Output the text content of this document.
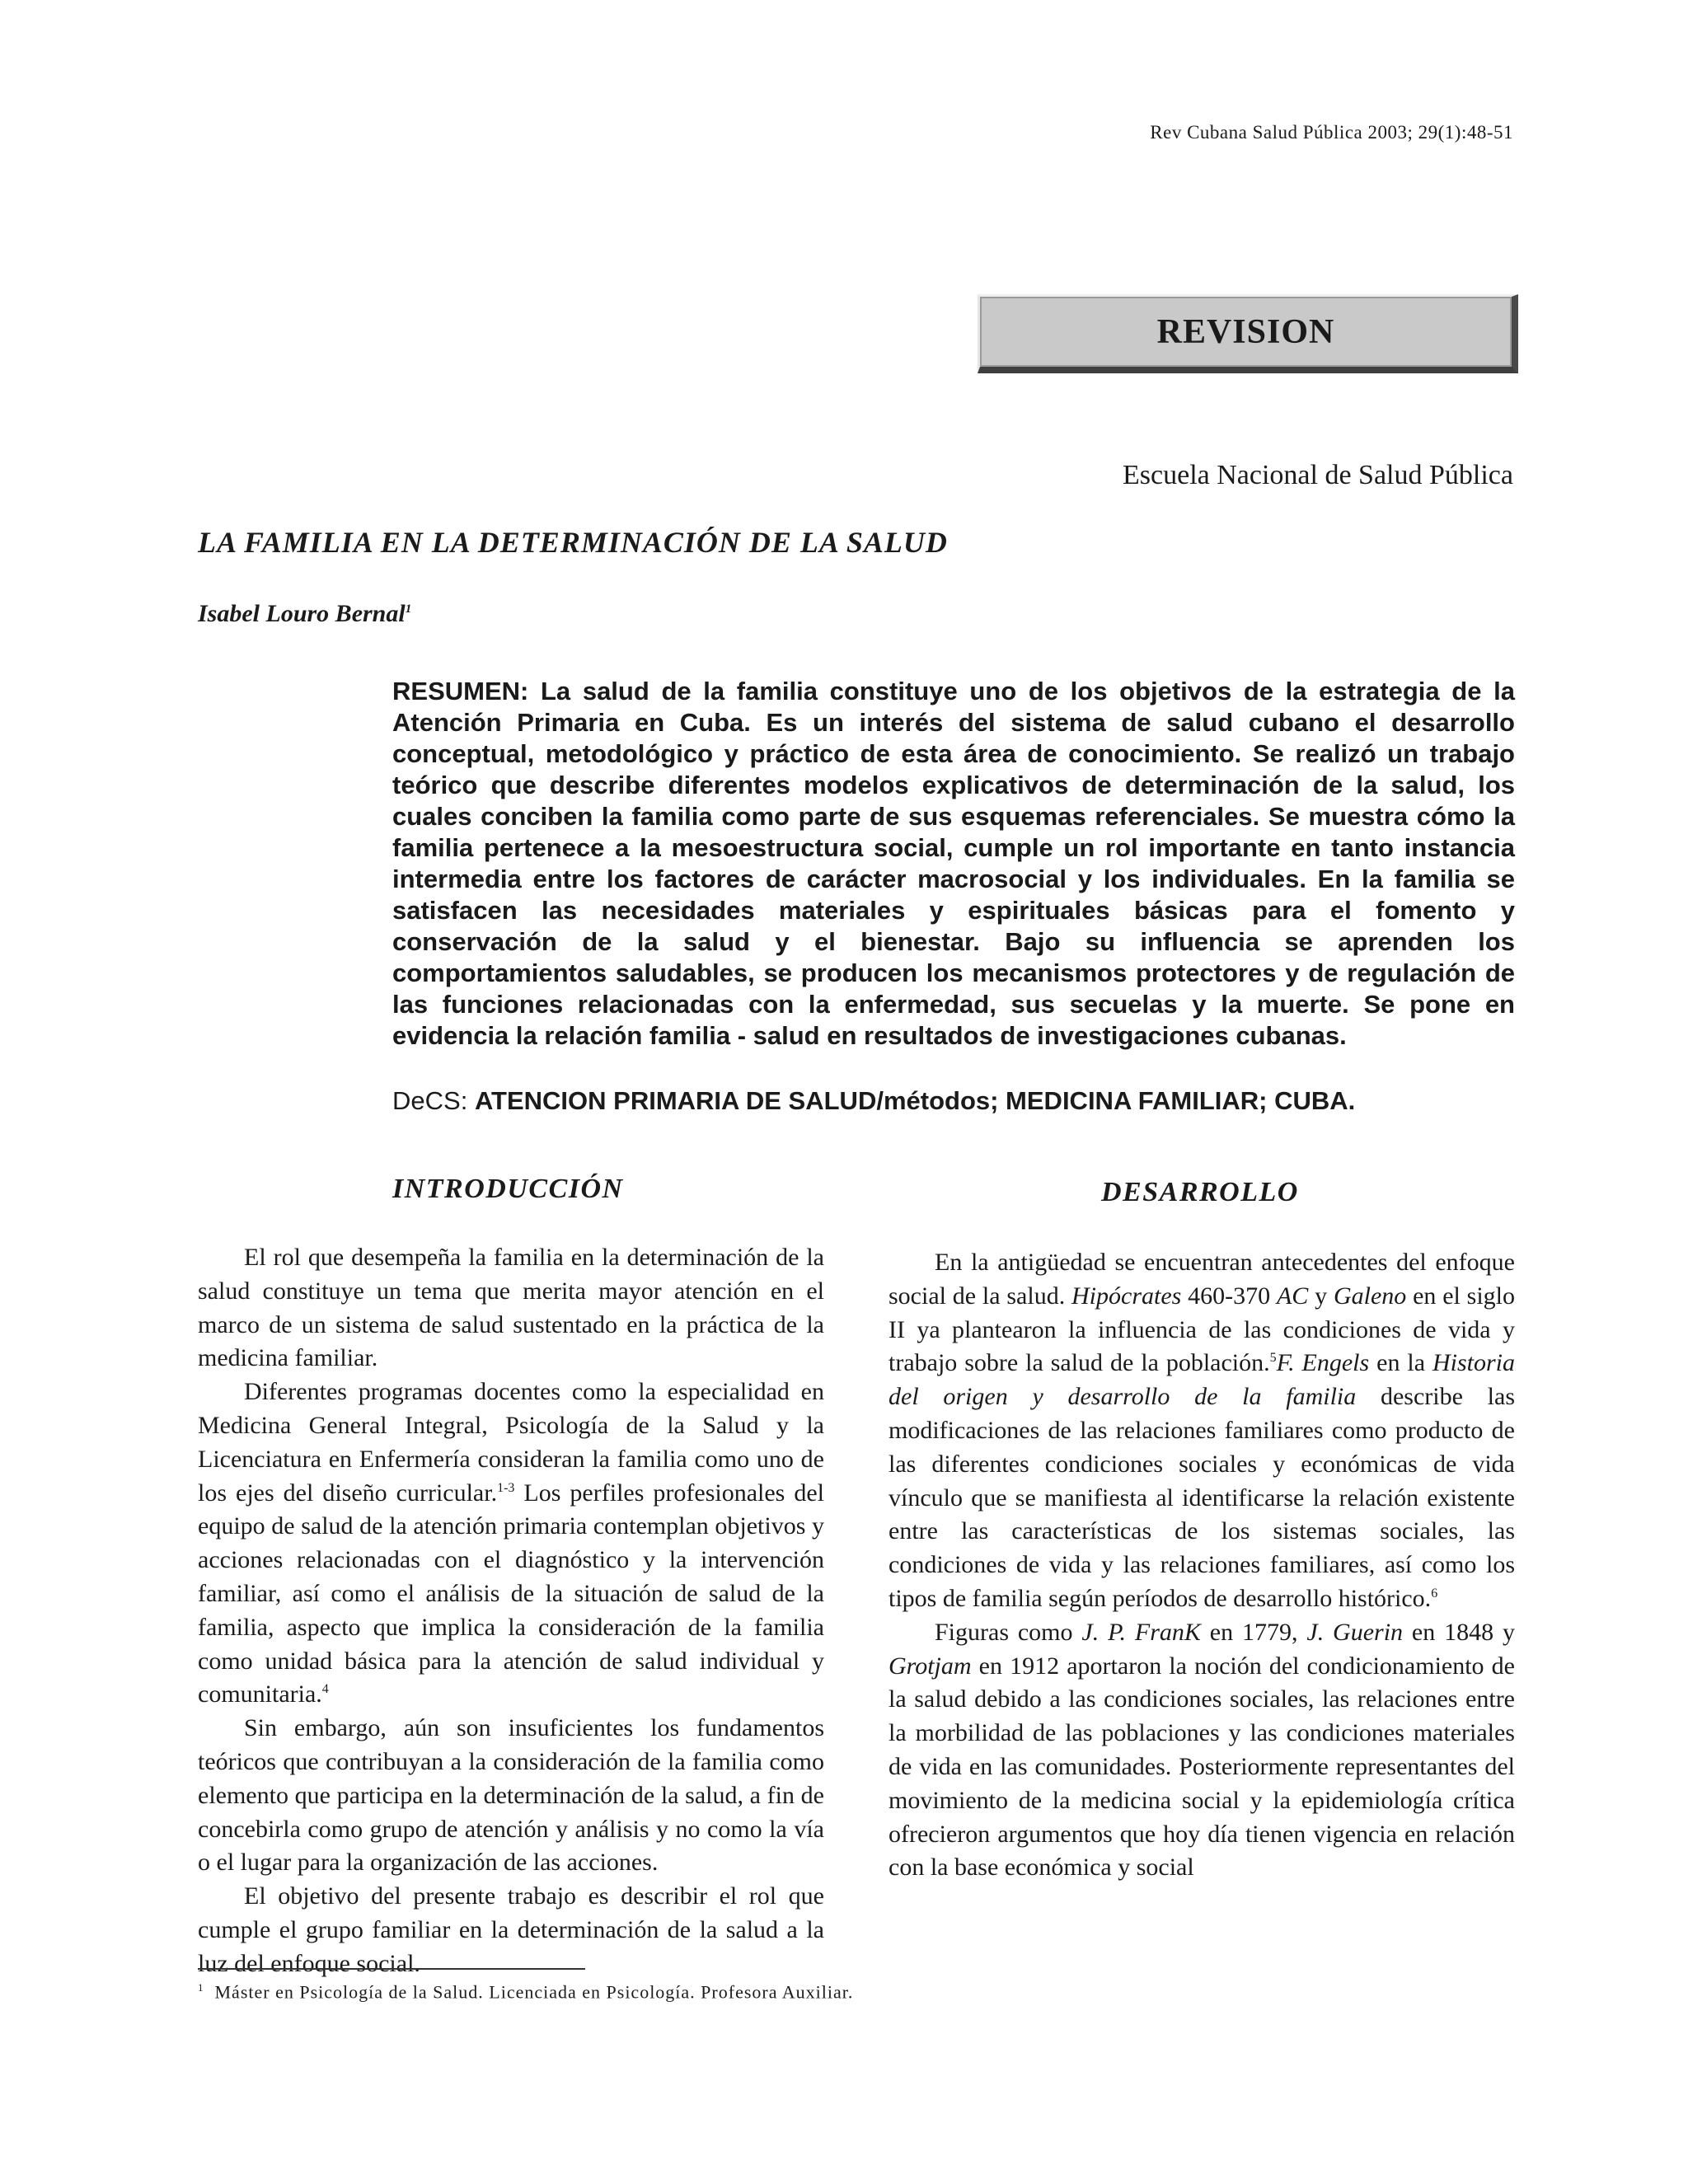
Rev Cubana Salud Pública 2003; 29(1):48-51
REVISION
Escuela Nacional de Salud Pública
LA FAMILIA EN LA DETERMINACIÓN DE LA SALUD
Isabel Louro Bernal$^1$
RESUMEN: La salud de la familia constituye uno de los objetivos de la estrategia de la Atención Primaria en Cuba. Es un interés del sistema de salud cubano el desarrollo conceptual, metodológico y práctico de esta área de conocimiento. Se realizó un trabajo teórico que describe diferentes modelos explicativos de determinación de la salud, los cuales conciben la familia como parte de sus esquemas referenciales. Se muestra cómo la familia pertenece a la mesoestructura social, cumple un rol importante en tanto instancia intermedia entre los factores de carácter macrosocial y los individuales. En la familia se satisfacen las necesidades materiales y espirituales básicas para el fomento y conservación de la salud y el bienestar. Bajo su influencia se aprenden los comportamientos saludables, se producen los mecanismos protectores y de regulación de las funciones relacionadas con la enfermedad, sus secuelas y la muerte. Se pone en evidencia la relación familia - salud en resultados de investigaciones cubanas.
DeCS: ATENCION PRIMARIA DE SALUD/métodos; MEDICINA FAMILIAR; CUBA.
INTRODUCCIÓN	DESARROLLO

El rol que desempeña la familia en la determinación de la salud constituye un tema que merita mayor atención en el marco de un sistema de salud sustentado en la práctica de la medicina familiar.

Diferentes programas docentes como la especialidad en Medicina General Integral, Psicología de la Salud y la Licenciatura en Enfermería consideran la familia como uno de los ejes del diseño curricular.$^{1-3}$ Los perfiles profesionales del equipo de salud de la atención primaria contemplan objetivos y acciones relacionadas con el diagnóstico y la intervención familiar, así como el análisis de la situación de salud de la familia, aspecto que implica la consideración de la familia como unidad básica para la atención de salud individual y comunitaria.$^4$

Sin embargo, aún son insuficientes los fundamentos teóricos que contribuyan a la consideración de la familia como elemento que participa en la determinación de la salud, a fin de concebirla como grupo de atención y análisis y no como la vía o el lugar para la organización de las acciones.

El objetivo del presente trabajo es describir el rol que cumple el grupo familiar en la determinación de la salud a la luz del enfoque social.

En la antigüedad se encuentran antecedentes del enfoque social de la salud. Hipócrates 460-370 AC y Galeno en el siglo II ya plantearon la influencia de las condiciones de vida y trabajo sobre la salud de la población.$^5$F. Engels en la Historia del origen y desarrollo de la familia describe las modificaciones de las relaciones familiares como producto de las diferentes condiciones sociales y económicas de vida vínculo que se manifiesta al identificarse la relación existente entre las características de los sistemas sociales, las condiciones de vida y las relaciones familiares, así como los tipos de familia según períodos de desarrollo histórico.$^6$

Figuras como J. P. FranK en 1779, J. Guerin en 1848 y Grotjam en 1912 aportaron la noción del condicionamiento de la salud debido a las condiciones sociales, las relaciones entre la morbilidad de las poblaciones y las condiciones materiales de vida en las comunidades. Posteriormente representantes del movimiento de la medicina social y la epidemiología crítica ofrecieron argumentos que hoy día tienen vigencia en relación con la base económica y social

$^1$ Máster en Psicología de la Salud. Licenciada en Psicología. Profesora Auxiliar.
